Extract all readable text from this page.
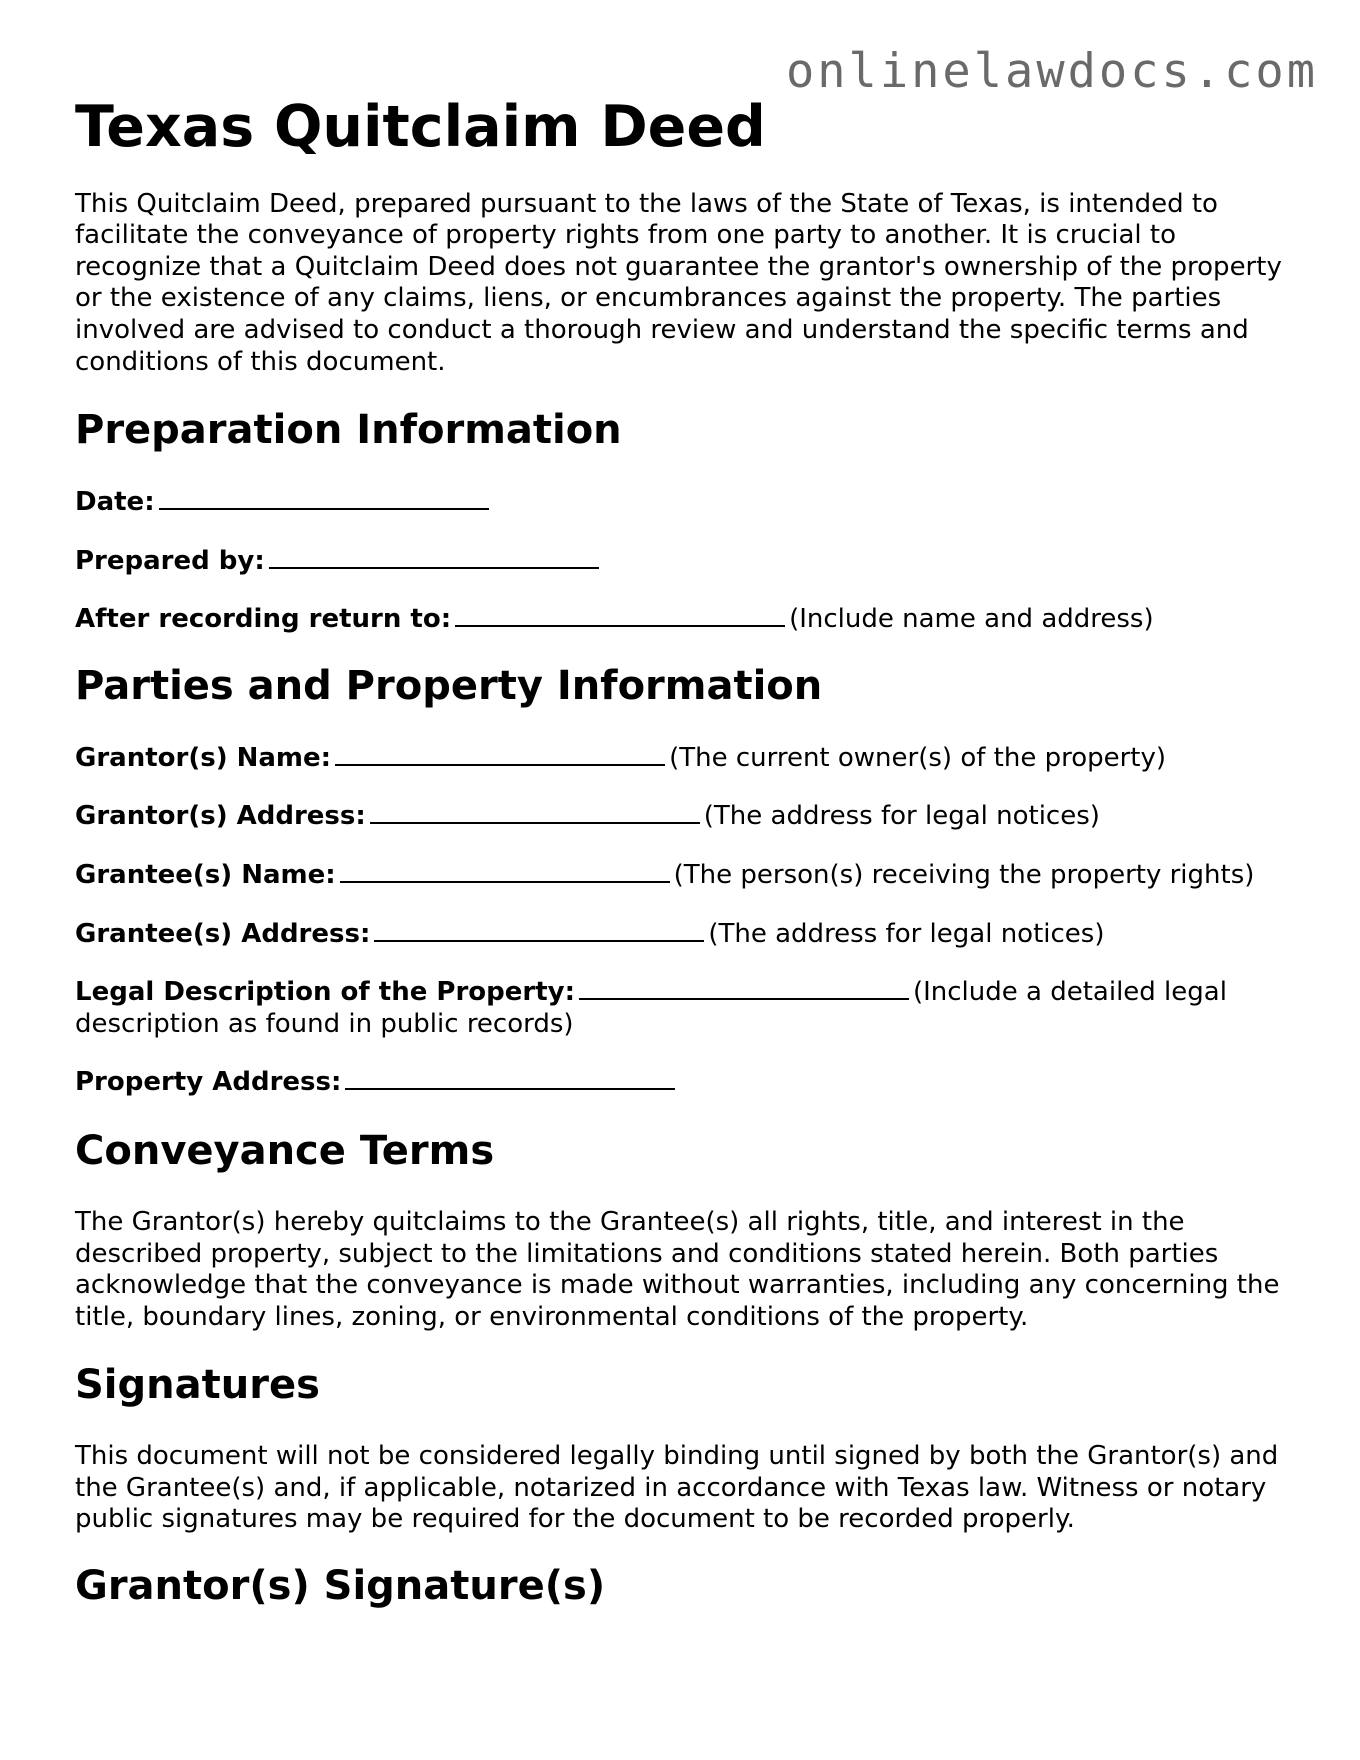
onlinelawdocs.com
Texas Quitclaim Deed

This Quitclaim Deed, prepared pursuant to the laws of the State of Texas, is intended to facilitate the conveyance of property rights from one party to another. It is crucial to recognize that a Quitclaim Deed does not guarantee the grantor's ownership of the property or the existence of any claims, liens, or encumbrances against the property. The parties involved are advised to conduct a thorough review and understand the specific terms and conditions of this document.

Preparation Information

Date:

Prepared by:

After recording return to:	(Include name and address)

Parties and Property Information

Grantor(s) Name:	(The current owner(s) of the property)

Grantor(s) Address:	(The address for legal notices)

Grantee(s) Name:	(The person(s) receiving the property rights)

Grantee(s) Address:	(The address for legal notices)

Legal Description of the Property:	(Include a detailed legal description as found in public records)

Property Address:

Conveyance Terms

The Grantor(s) hereby quitclaims to the Grantee(s) all rights, title, and interest in the described property, subject to the limitations and conditions stated herein. Both parties acknowledge that the conveyance is made without warranties, including any concerning the title, boundary lines, zoning, or environmental conditions of the property.

Signatures

This document will not be considered legally binding until signed by both the Grantor(s) and the Grantee(s) and, if applicable, notarized in accordance with Texas law. Witness or notary public signatures may be required for the document to be recorded properly.

Grantor(s) Signature(s)
